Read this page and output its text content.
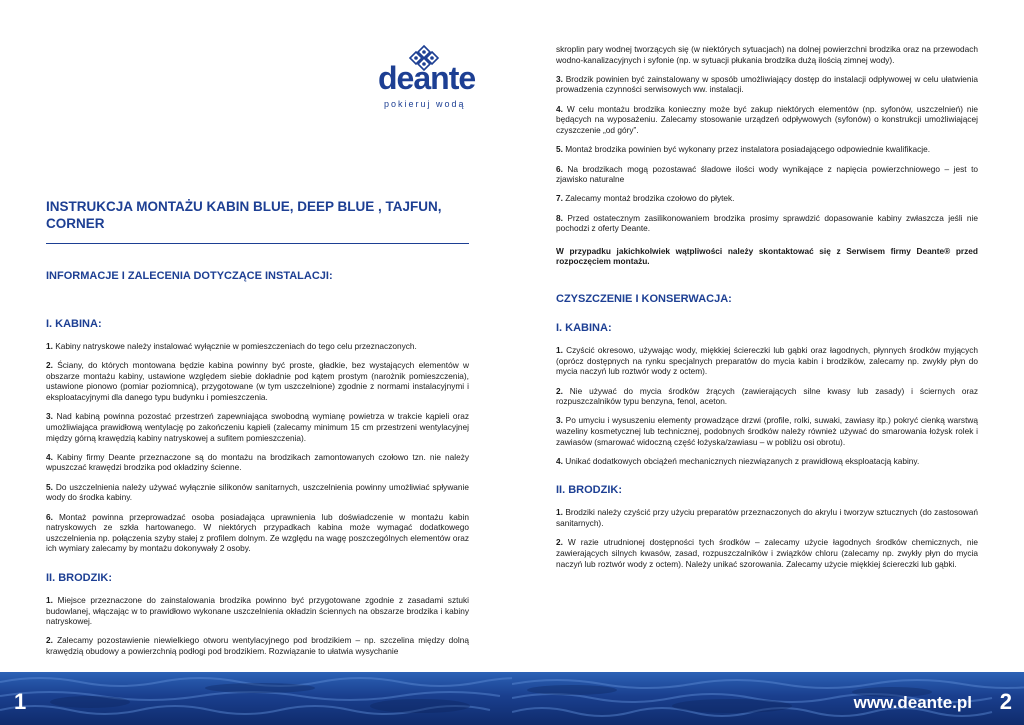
deante
pokieruj wodą
INSTRUKCJA MONTAŻU KABIN BLUE, DEEP BLUE , TAJFUN, CORNER
INFORMACJE I ZALECENIA DOTYCZĄCE INSTALACJI:
I. KABINA:

1. Kabiny natryskowe należy instalować wyłącznie w pomieszczeniach do tego celu przeznaczonych.

2. Ściany, do których montowana będzie kabina powinny być proste, gładkie, bez wystających elementów w obszarze montażu kabiny, ustawione względem siebie dokładnie pod kątem prostym (narożnik pomieszczenia), ustawione pionowo (pomiar poziomnicą), przygotowane (w tym uszczelnione) zgodnie z normami instalacyjnymi i eksploatacyjnymi dla danego typu budynku i pomieszczenia.

3. Nad kabiną powinna pozostać przestrzeń zapewniająca swobodną wymianę powietrza w trakcie kąpieli oraz umożliwiająca prawidłową wentylację po zakończeniu kąpieli (zalecamy minimum 15 cm przestrzeni wentylacyjnej między górną krawędzią kabiny natryskowej a sufitem pomieszczenia).

4. Kabiny firmy Deante przeznaczone są do montażu na brodzikach zamontowanych czołowo tzn. nie należy wpuszczać krawędzi brodzika pod okładziny ścienne.

5. Do uszczelnienia należy używać wyłącznie silikonów sanitarnych, uszczelnienia powinny umożliwiać spływanie wody do środka kabiny.

6. Montaż powinna przeprowadzać osoba posiadająca uprawnienia lub doświadczenie w montażu kabin natryskowych ze szkła hartowanego. W niektórych przypadkach kabina może wymagać dodatkowego uszczelnienia np. połączenia szyby stałej z profilem dolnym. Ze względu na wagę poszczególnych elementów oraz ich wymiary zalecamy by montażu dokonywały 2 osoby.

II. BRODZIK:

1. Miejsce przeznaczone do zainstalowania brodzika powinno być przygotowane zgodnie z zasadami sztuki budowlanej, włączając w to prawidłowo wykonane uszczelnienia okładzin ściennych na obszarze brodzika i kabiny natryskowej.

2. Zalecamy pozostawienie niewielkiego otworu wentylacyjnego pod brodzikiem – np. szczelina między dolną krawędzią obudowy a powierzchnią podłogi pod brodzikiem. Rozwiązanie to ułatwia wysychanie

1

skroplin pary wodnej tworzących się (w niektórych sytuacjach) na dolnej powierzchni brodzika oraz na przewodach wodno-kanalizacyjnych i syfonie (np. w sytuacji płukania brodzika dużą ilością zimnej wody).

3. Brodzik powinien być zainstalowany w sposób umożliwiający dostęp do instalacji odpływowej w celu ułatwienia prowadzenia czynności serwisowych ww. instalacji.

4. W celu montażu brodzika konieczny może być zakup niektórych elementów (np. syfonów, uszczelnień) nie będących na wyposażeniu. Zalecamy stosowanie urządzeń odpływowych (syfonów) o konstrukcji umożliwiającej czyszczenie „od góry”.

5. Montaż brodzika powinien być wykonany przez instalatora posiadającego odpowiednie kwalifikacje.

6. Na brodzikach mogą pozostawać śladowe ilości wody wynikające z napięcia powierzchniowego – jest to zjawisko naturalne

7. Zalecamy montaż brodzika czołowo do płytek.

8. Przed ostatecznym zasilikonowaniem brodzika prosimy sprawdzić dopasowanie kabiny zwłaszcza jeśli nie pochodzi z oferty Deante.

W przypadku jakichkolwiek wątpliwości należy skontaktować się z Serwisem firmy Deante® przed rozpoczęciem montażu.

CZYSZCZENIE I KONSERWACJA:
I. KABINA:

1. Czyścić okresowo, używając wody, miękkiej ściereczki lub gąbki oraz łagodnych, płynnych środków myjących (oprócz dostępnych na rynku specjalnych preparatów do mycia kabin i brodzików, zalecamy np. zwykły płyn do mycia naczyń lub roztwór wody z octem).

2. Nie używać do mycia środków żrących (zawierających silne kwasy lub zasady) i ściernych oraz rozpuszczalników typu benzyna, fenol, aceton.

3. Po umyciu i wysuszeniu elementy prowadzące drzwi (profile, rolki, suwaki, zawiasy itp.) pokryć cienką warstwą wazeliny kosmetycznej lub technicznej, podobnych środków należy również używać do smarowania łożysk rolek i zawiasów (smarować widoczną część łożyska/zawiasu – w pobliżu osi obrotu).

4. Unikać dodatkowych obciążeń mechanicznych niezwiązanych z prawidłową eksploatacją kabiny.

II. BRODZIK:

1. Brodziki należy czyścić przy użyciu preparatów przeznaczonych do akrylu i tworzyw sztucznych (do zastosowań sanitarnych).

2. W razie utrudnionej dostępności tych środków – zalecamy użycie łagodnych środków chemicznych, nie zawierających silnych kwasów, zasad, rozpuszczalników i związków chloru (zalecamy np. zwykły płyn do mycia naczyń lub roztwór wody z octem). Należy unikać szorowania. Zalecamy użycie miękkiej ściereczki lub gąbki.

www.deante.pl 2
